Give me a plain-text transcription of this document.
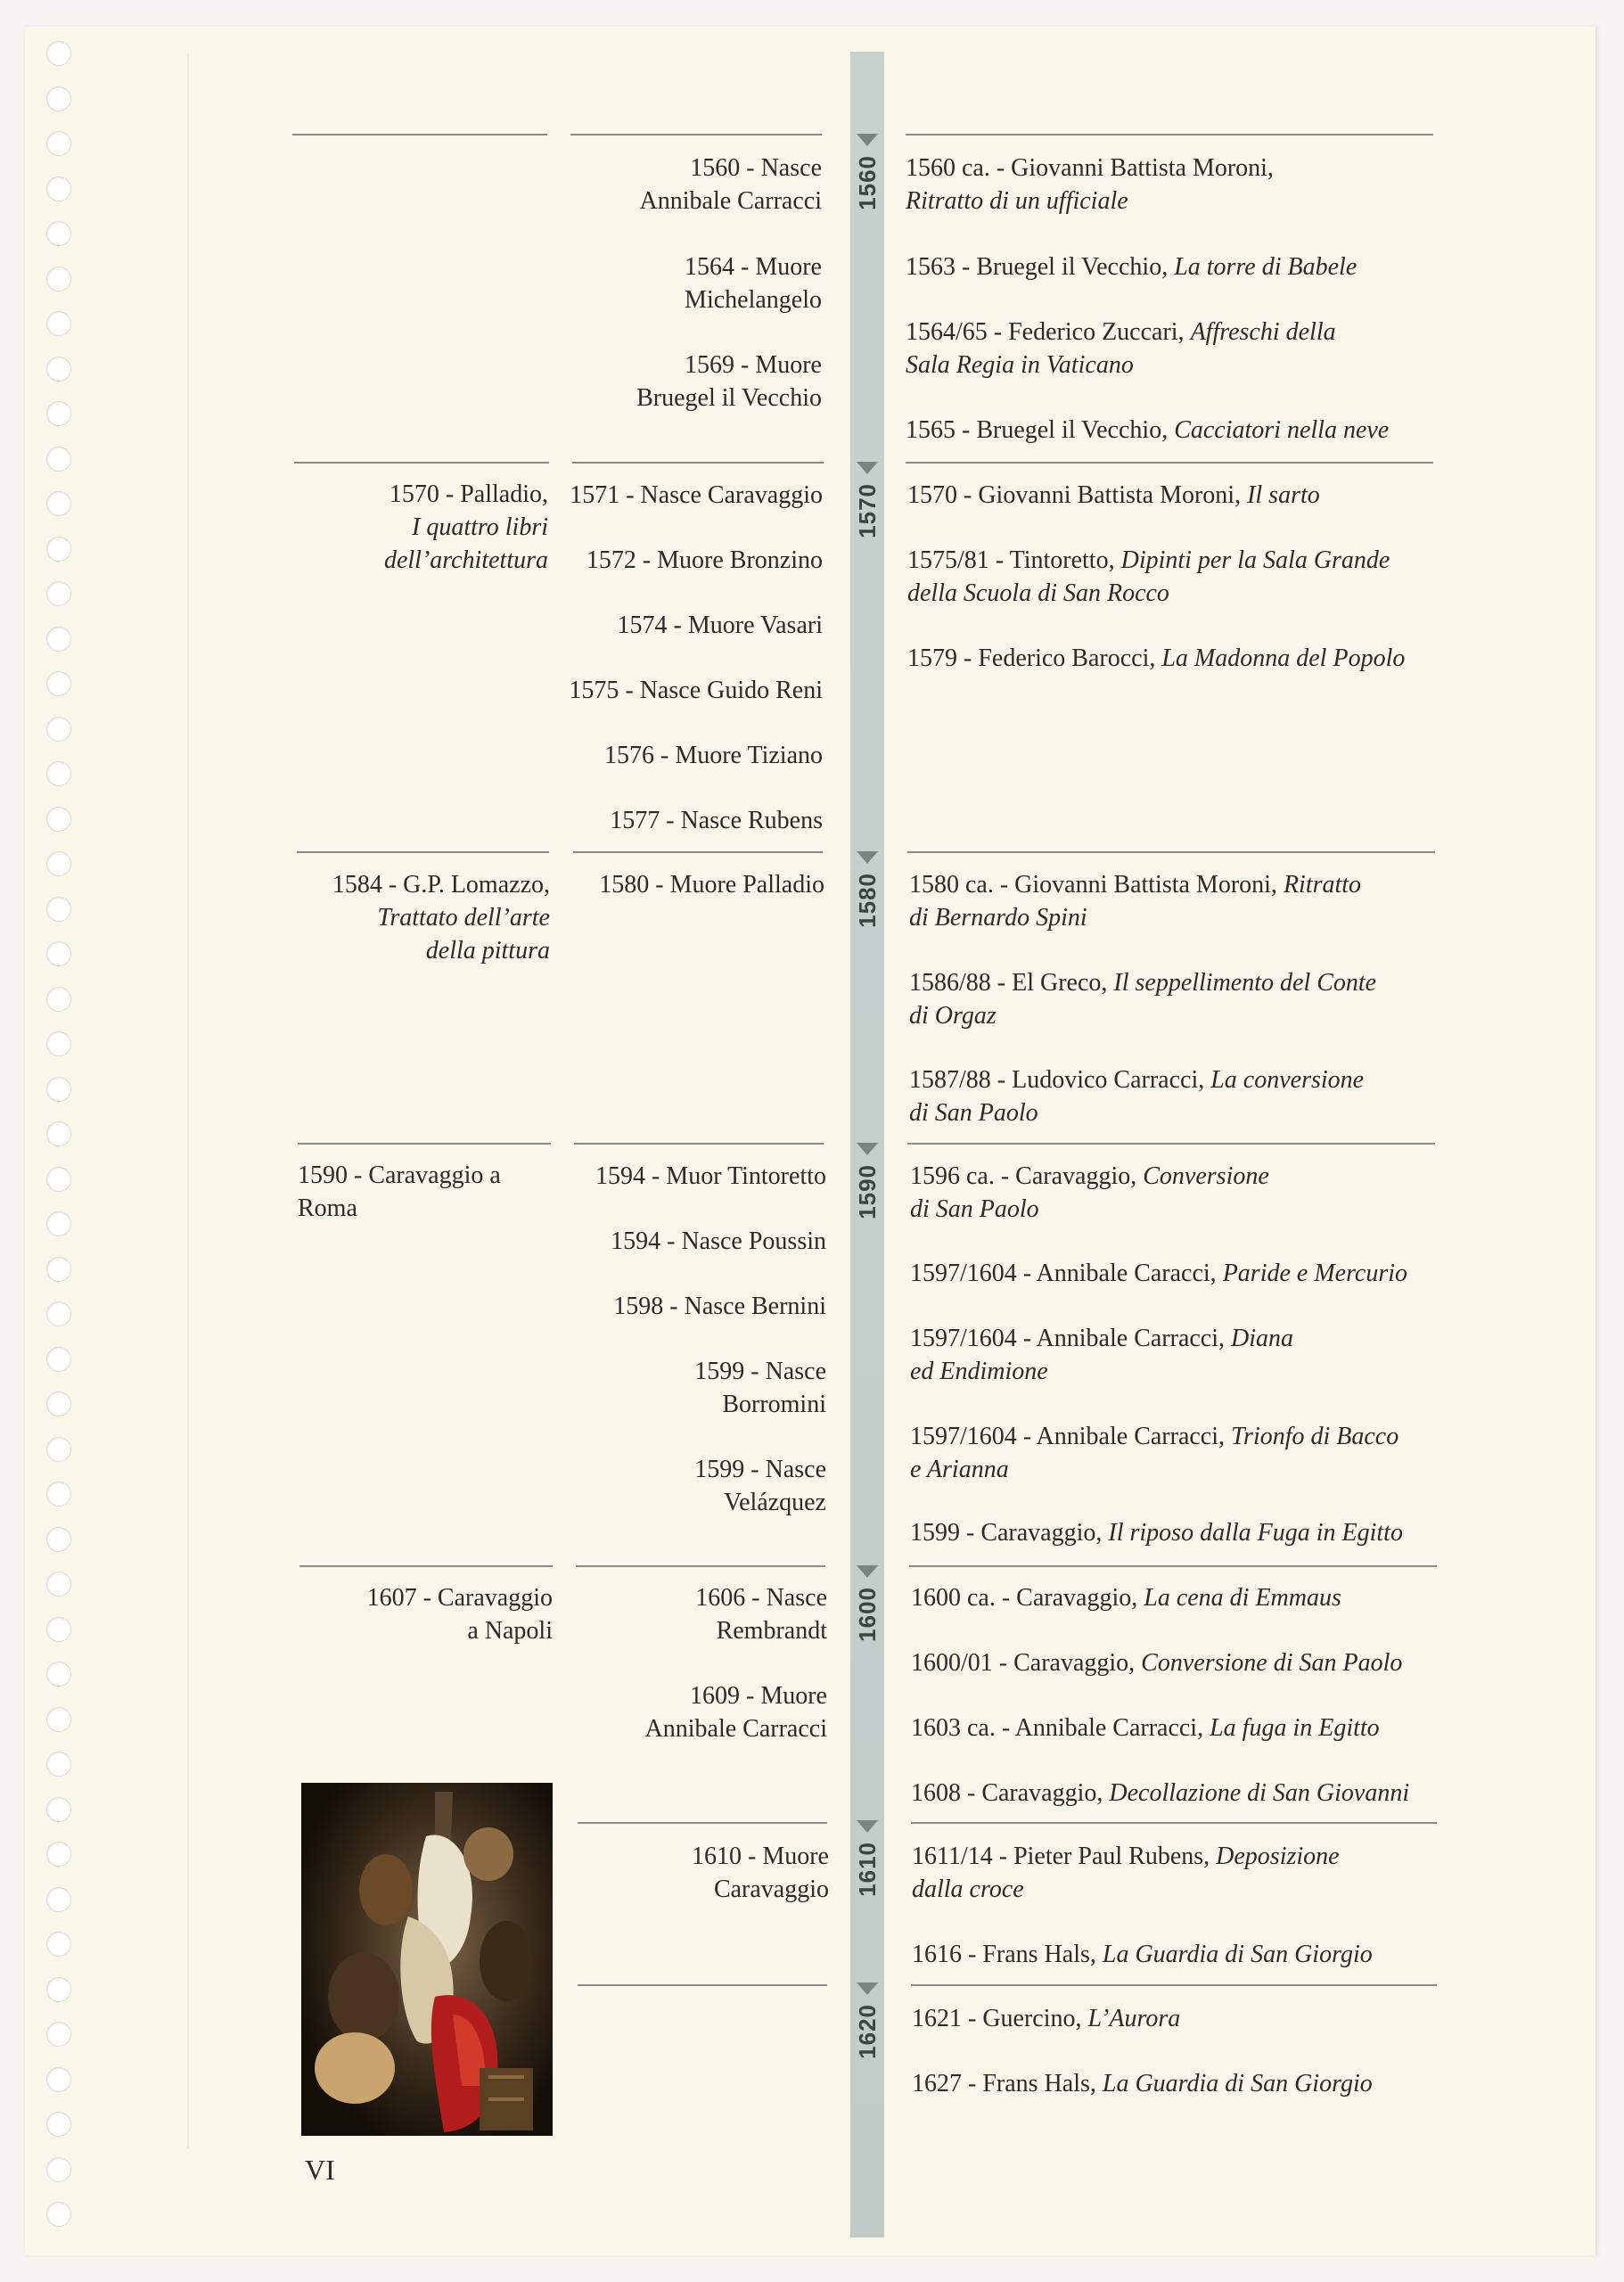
1560
1570
1580
1590
1600
1610
1620
1570 - Palladio,
I quattro libri
dell’architettura
1584 - G.P. Lomazzo,
Trattato dell’arte
della pittura
1590 - Caravaggio a
Roma
1607 - Caravaggio
a Napoli
1560 - Nasce
Annibale Carracci
1564 - Muore
Michelangelo
1569 - Muore
Bruegel il Vecchio
1571 - Nasce Caravaggio
1572 - Muore Bronzino
1574 - Muore Vasari
1575 - Nasce Guido Reni
1576 - Muore Tiziano
1577 - Nasce Rubens
1580 - Muore Palladio
1594 - Muor Tintoretto
1594 - Nasce Poussin
1598 - Nasce Bernini
1599 - Nasce
Borromini
1599 - Nasce
Velázquez
1606 - Nasce
Rembrandt
1609 - Muore
Annibale Carracci
1610 - Muore
Caravaggio
1560 ca. - Giovanni Battista Moroni,
Ritratto di un ufficiale
1563 - Bruegel il Vecchio, La torre di Babele
1564/65 - Federico Zuccari, Affreschi della
Sala Regia in Vaticano
1565 - Bruegel il Vecchio, Cacciatori nella neve
1570 - Giovanni Battista Moroni, Il sarto
1575/81 - Tintoretto, Dipinti per la Sala Grande
della Scuola di San Rocco
1579 - Federico Barocci, La Madonna del Popolo
1580 ca. - Giovanni Battista Moroni, Ritratto
di Bernardo Spini
1586/88 - El Greco, Il seppellimento del Conte
di Orgaz
1587/88 - Ludovico Carracci, La conversione
di San Paolo
1596 ca. - Caravaggio, Conversione
di San Paolo
1597/1604 - Annibale Caracci, Paride e Mercurio
1597/1604 - Annibale Carracci, Diana
ed Endimione
1597/1604 - Annibale Carracci, Trionfo di Bacco
e Arianna
1599 - Caravaggio, Il riposo dalla Fuga in Egitto
1600 ca. - Caravaggio, La cena di Emmaus
1600/01 - Caravaggio, Conversione di San Paolo
1603 ca. - Annibale Carracci, La fuga in Egitto
1608 - Caravaggio, Decollazione di San Giovanni
1611/14 - Pieter Paul Rubens, Deposizione
dalla croce
1616 - Frans Hals, La Guardia di San Giorgio
1621 - Guercino, L’Aurora
1627 - Frans Hals, La Guardia di San Giorgio
VI
